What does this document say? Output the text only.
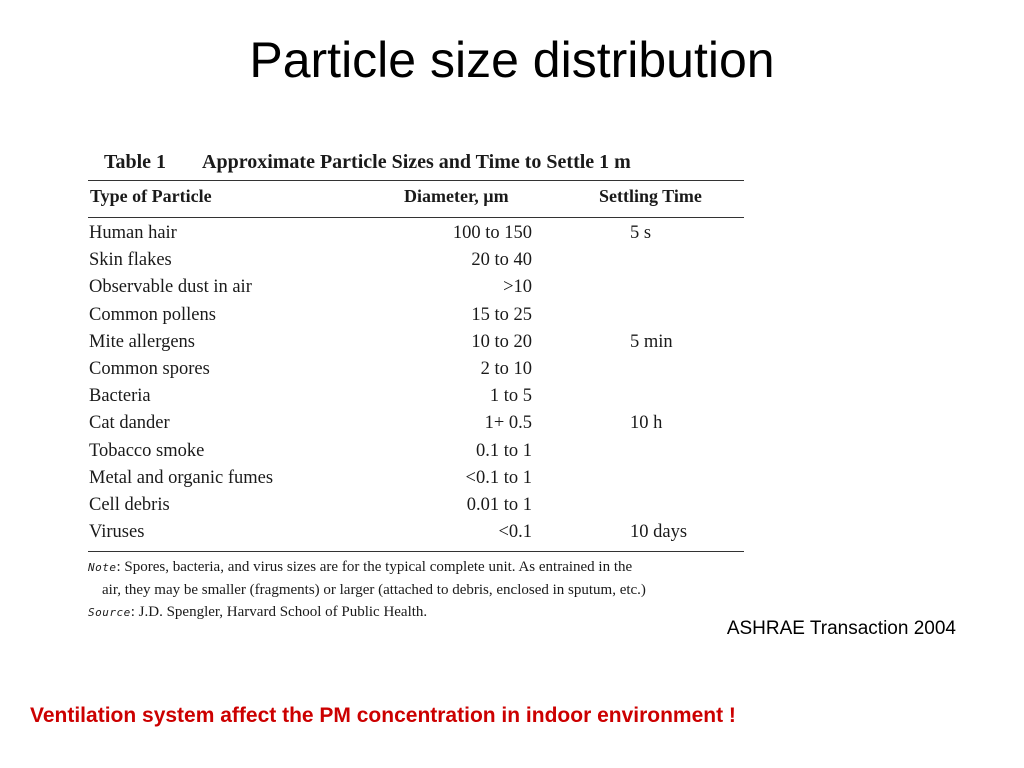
Particle size distribution
Table 1 Approximate Particle Sizes and Time to Settle 1 m
Type of Particle	Diameter, µm	Settling Time
Human hair	100 to 150	5 s
Skin flakes	20 to 40
Observable dust in air	>10
Common pollens	15 to 25
Mite allergens	10 to 20	5 min
Common spores	2 to 10
Bacteria	1 to 5
Cat dander	1+ 0.5	10 h
Tobacco smoke	0.1 to 1
Metal and organic fumes	<0.1 to 1
Cell debris	0.01 to 1
Viruses	<0.1	10 days
Note: Spores, bacteria, and virus sizes are for the typical complete unit. As entrained in the
air, they may be smaller (fragments) or larger (attached to debris, enclosed in sputum, etc.)
Source: J.D. Spengler, Harvard School of Public Health.
ASHRAE Transaction 2004
Ventilation system affect the PM concentration in indoor environment !
